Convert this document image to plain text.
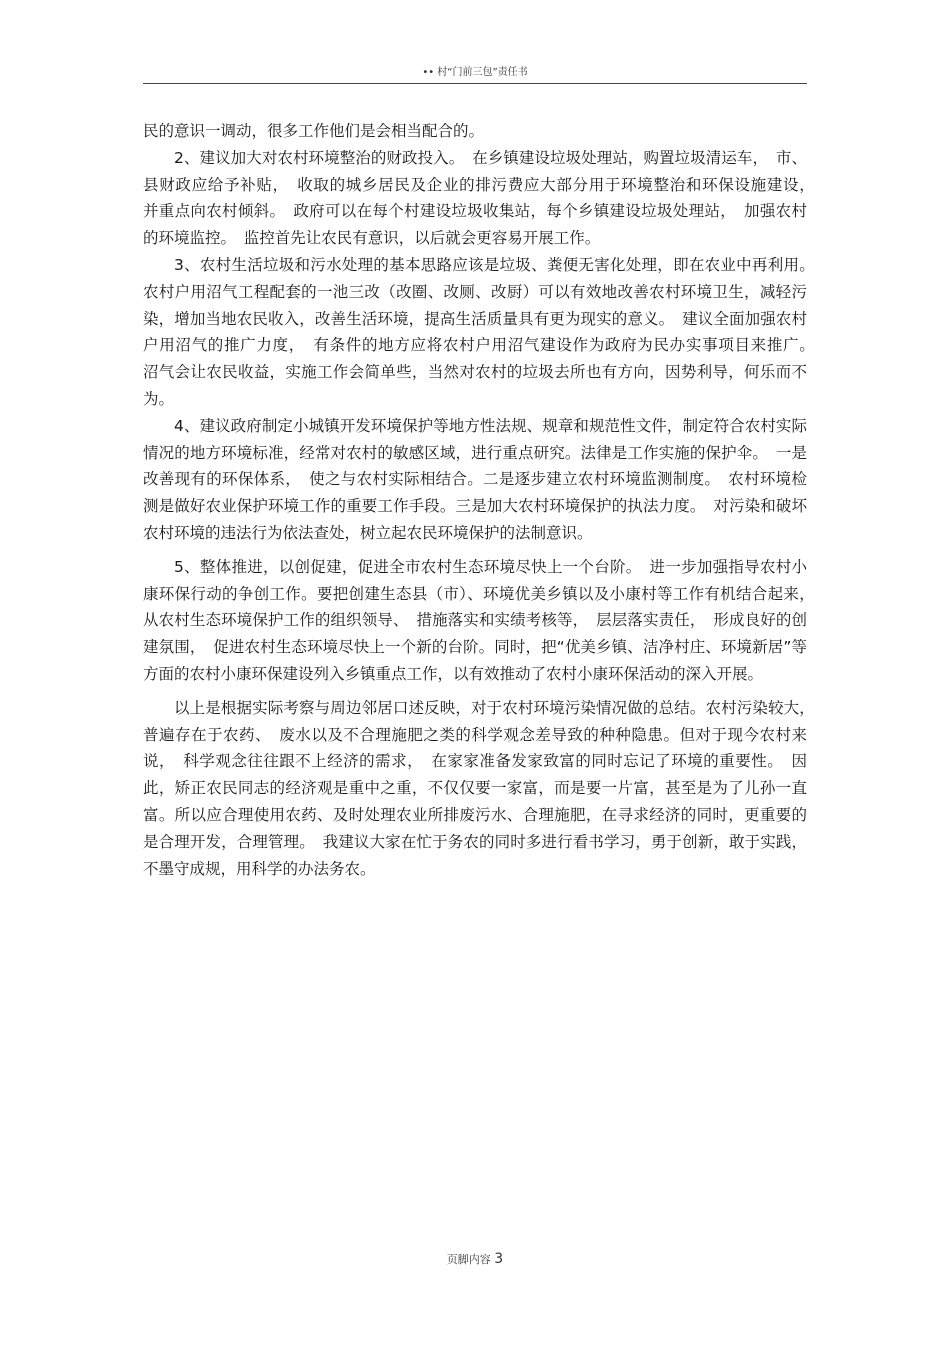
•• 村“门前三包”责任书

民的意识一调动，很多工作他们是会相当配合的。

2、建议加大对农村环境整治的财政投入。　在乡镇建设垃圾处理站，购置垃圾清运车，　市、县财政应给予补贴，　收取的城乡居民及企业的排污费应大部分用于环境整治和环保设施建设，　并重点向农村倾斜。　政府可以在每个村建设垃圾收集站，每个乡镇建设垃圾处理站，　加强农村的环境监控。　监控首先让农民有意识，以后就会更容易开展工作。

3、农村生活垃圾和污水处理的基本思路应该是垃圾、粪便无害化处理，即在农业中再利用。　农村户用沼气工程配套的一池三改（改圈、改厕、改厨）可以有效地改善农村环境卫生，减轻污染，增加当地农民收入，改善生活环境，提高生活质量具有更为现实的意义。　建议全面加强农村户用沼气的推广力度，　有条件的地方应将农村户用沼气建设作为政府为民办实事项目来推广。　沼气会让农民收益，实施工作会简单些，当然对农村的垃圾去所也有方向，因势利导，何乐而不为。

4、建议政府制定小城镇开发环境保护等地方性法规、规章和规范性文件，制定符合农村实际情况的地方环境标准，经常对农村的敏感区域，进行重点研究。法律是工作实施的保护伞。　一是改善现有的环保体系，　使之与农村实际相结合。二是逐步建立农村环境监测制度。　农村环境检测是做好农业保护环境工作的重要工作手段。三是加大农村环境保护的执法力度。　对污染和破坏农村环境的违法行为依法查处，树立起农民环境保护的法制意识。

5、整体推进，以创促建，促进全市农村生态环境尽快上一个台阶。　进一步加强指导农村小康环保行动的争创工作。要把创建生态县（市）、环境优美乡镇以及小康村等工作有机结合起来，　从农村生态环境保护工作的组织领导、　措施落实和实绩考核等，　层层落实责任，　形成良好的创建氛围，　促进农村生态环境尽快上一个新的台阶。同时，把“优美乡镇、洁净村庄、环境新居”等方面的农村小康环保建设列入乡镇重点工作，以有效推动了农村小康环保活动的深入开展。

以上是根据实际考察与周边邻居口述反映，对于农村环境污染情况做的总结。农村污染较大，　普遍存在于农药、　废水以及不合理施肥之类的科学观念差导致的种种隐患。但对于现今农村来说，　科学观念往往跟不上经济的需求，　在家家准备发家致富的同时忘记了环境的重要性。　因此，矫正农民同志的经济观是重中之重，不仅仅要一家富，而是要一片富，甚至是为了儿孙一直富。所以应合理使用农药、及时处理农业所排废污水、合理施肥，在寻求经济的同时，更重要的是合理开发，合理管理。　我建议大家在忙于务农的同时多进行看书学习，勇于创新，敢于实践，不墨守成规，用科学的办法务农。

页脚内容 3
